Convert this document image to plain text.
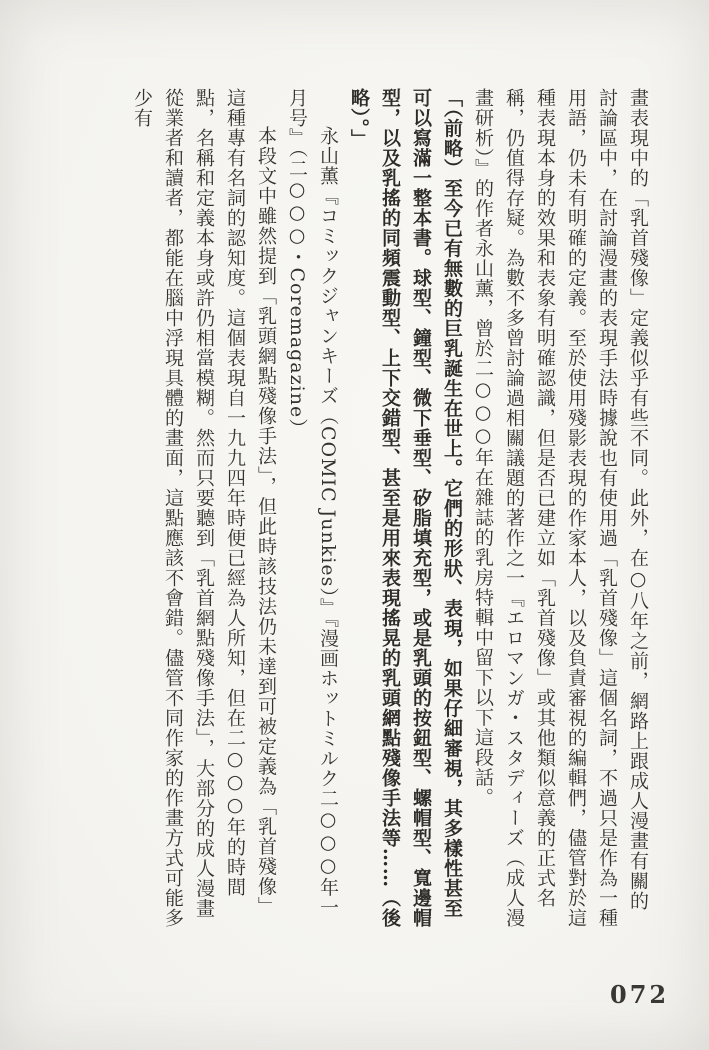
畫表現中的「乳首殘像」定義似乎有些不同。此外，在○八年之前，網路上跟成人漫畫有關的討論區中，在討論漫畫的表現手法時據說也有使用過「乳首殘像」這個名詞，不過只是作為一種用語，仍未有明確的定義。至於使用殘影表現的作家本人，以及負責審視的編輯們，儘管對於這種表現本身的效果和表象有明確認識，但是否已建立如「乳首殘像」或其他類似意義的正式名稱，仍值得存疑。為數不多曾討論過相關議題的著作之一『エロマンガ・スタディーズ（成人漫畫研析）』的作者永山薰，曾於二○○○年在雜誌的乳房特輯中留下以下這段話。

「（前略）至今已有無數的巨乳誕生在世上。它們的形狀、表現，如果仔細審視，其多樣性甚至可以寫滿一整本書。球型、鐘型、微下垂型、矽脂填充型，或是乳頭的按鈕型、螺帽型、寬邊帽型，以及乳搖的同頻震動型、上下交錯型、甚至是用來表現搖晃的乳頭網點殘像手法等……（後略）。」

永山薫『コミックジャンキーズ（COMIC Junkies）』『漫画ホットミルク二○○○年一月号』（二○○○・Coremagazine）

本段文中雖然提到「乳頭網點殘像手法」，但此時該技法仍未達到可被定義為「乳首殘像」這種專有名詞的認知度。這個表現自一九九四年時便已經為人所知，但在二○○○年的時間點，名稱和定義本身或許仍相當模糊。然而只要聽到「乳首網點殘像手法」，大部分的成人漫畫從業者和讀者，都能在腦中浮現具體的畫面，這點應該不會錯。儘管不同作家的作畫方式可能多少有

072
